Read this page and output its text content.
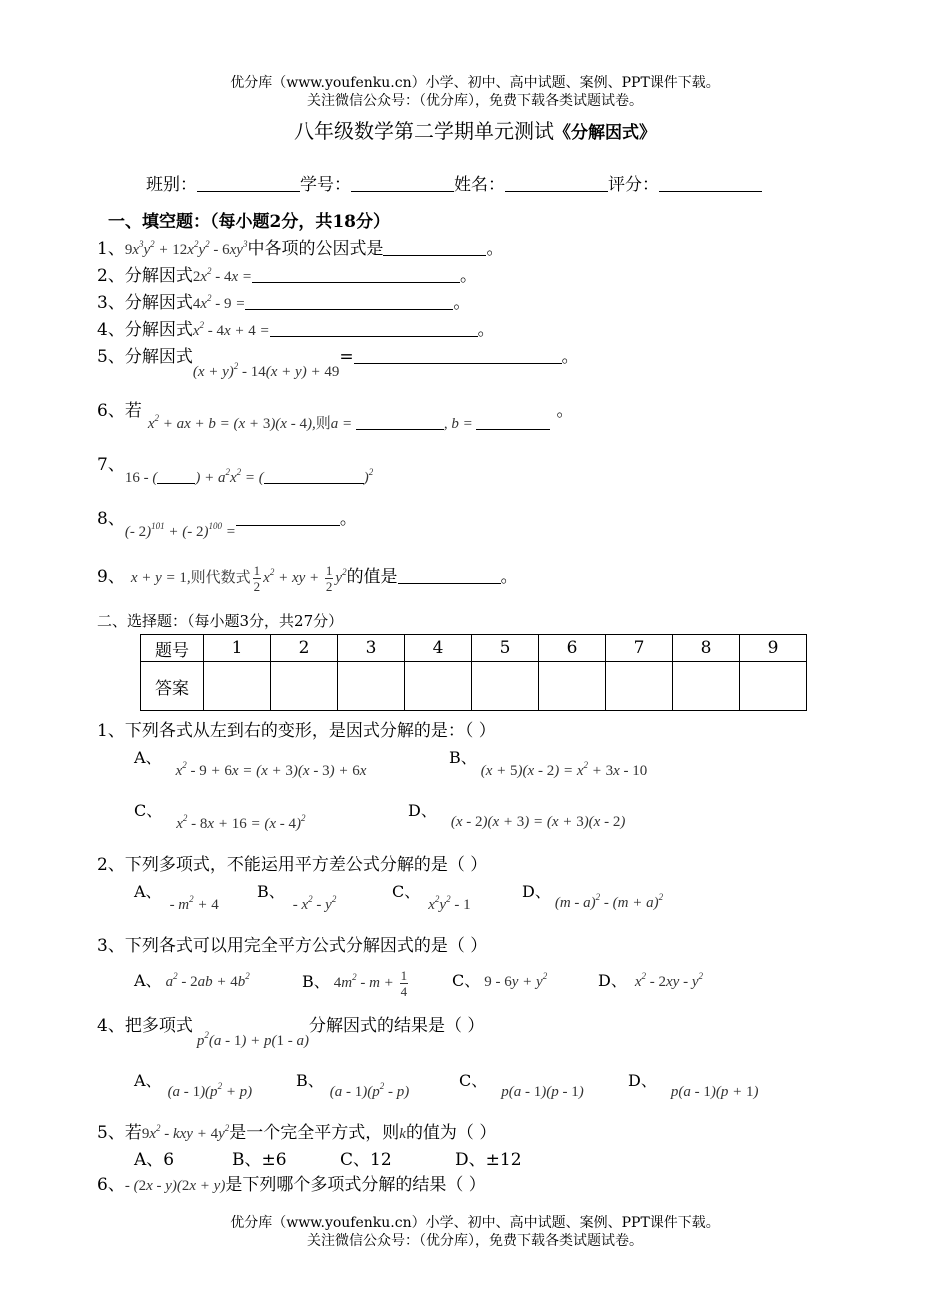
优分库（www.youfenku.cn）小学、初中、高中试题、案例、PPT课件下载。
关注微信公众号：（优分库），免费下载各类试题试卷。
八年级数学第二学期单元测试《分解因式》
班别：	学号：	姓名：	评分：
一、填空题：（每小题2分，共18分）
1、$9x^3y^2 + 12x^2y^2 - 6xy^3$中各项的公因式是	。
2、分解因式$2x^2 - 4x$ =	。
3、分解因式$4x^2 - 9$ =	。
4、分解因式$x^2 - 4x + 4$ =	。
5、分解因式$(x + y)^2 - 14(x + y) + 49=$	。
6、若$x^2$ + ax + b = (x + 3)(x - 4),则a =	, b = 。
7、16 - (	) + $a^2x^2$ = (	)$^2$
8、(- 2)$^{101}$ + (- 2)$^{100}$ =。
9、 x + y = 1,则代数式 $\frac{1}{2} x^2$ + xy + $\frac{1}{2} y^2$的值是	。
二、选择题：（每小题3分，共27分）
题号	1	2	3	4	5	6	7	8	9
答案									
1、下列各式从左到右的变形，是因式分解的是：（ ）
A、$x^2 - 9 + 6x = (x + 3)(x - 3) + 6x$
B、$(x + 5)(x - 2) = x^2 + 3x - 10$
C、$x^2 - 8x + 16 = (x - 4)^2$	D、(x - 2)(x + 3) = (x + 3)(x - 2)
2、下列多项式，不能运用平方差公式分解的是（ ）
A、- $m^2 + 4$
B、- $x^2 - y^2$	C、$x^2y^2 - 1$
D、$(m - a)^2 - (m + a)^2$
3、下列各式可以用完全平方公式分解因式的是（ ）
A、 $a^2 - 2ab + 4b^2$	B、 $4m^2 - m + \frac{1}{4}$	C、 $9 - 6y + y^2$	D、 $x^2 - 2xy - y^2$
4、把多项式$p^2(a - 1) + p(1 - a)$分解因式的结果是（ ）
A、$(a - 1)(p^2 + p)$
B、$(a - 1)(p^2 - p)$
C、p(a - 1)(p - 1)
D、p(a - 1)(p + 1)
5、若$9x^2$ - kxy + $4y^2$是一个完全平方式，则k的值为（ ）
A、6	B、±6	C、12	D、±12
6、- (2x - y)(2x + y)是下列哪个多项式分解的结果（ ）
优分库（www.youfenku.cn）小学、初中、高中试题、案例、PPT课件下载。
关注微信公众号：（优分库），免费下载各类试题试卷。
